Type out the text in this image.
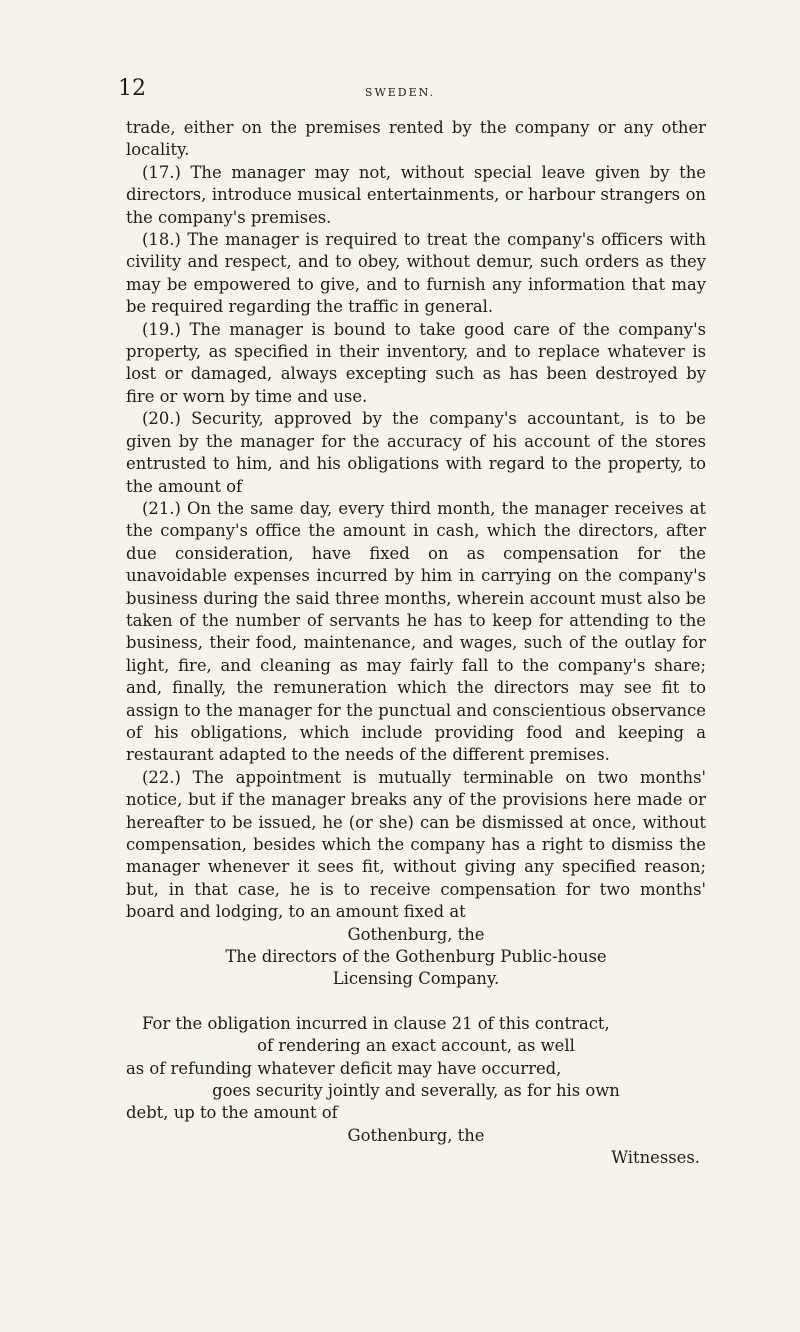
12	SWEDEN.

trade, either on the premises rented by the company or any other locality.

(17.) The manager may not, without special leave given by the directors, introduce musical entertainments, or harbour strangers on the company's premises.

(18.) The manager is required to treat the company's officers with civility and respect, and to obey, without demur, such orders as they may be empowered to give, and to furnish any information that may be required regarding the traffic in general.

(19.) The manager is bound to take good care of the company's property, as specified in their inventory, and to replace whatever is lost or damaged, always excepting such as has been destroyed by fire or worn by time and use.

(20.) Security, approved by the company's accountant, is to be given by the manager for the accuracy of his account of the stores entrusted to him, and his obligations with regard to the property, to the amount of

(21.) On the same day, every third month, the manager receives at the company's office the amount in cash, which the directors, after due consideration, have fixed on as compensation for the unavoidable expenses incurred by him in carrying on the company's business during the said three months, wherein account must also be taken of the number of servants he has to keep for attending to the business, their food, maintenance, and wages, such of the outlay for light, fire, and cleaning as may fairly fall to the company's share; and, finally, the remuneration which the directors may see fit to assign to the manager for the punctual and conscientious observance of his obligations, which include providing food and keeping a restaurant adapted to the needs of the different premises.

(22.) The appointment is mutually terminable on two months' notice, but if the manager breaks any of the provisions here made or hereafter to be issued, he (or she) can be dismissed at once, without compensation, besides which the company has a right to dismiss the manager whenever it sees fit, without giving any specified reason; but, in that case, he is to receive compensation for two months' board and lodging, to an amount fixed at

Gothenburg, the

The directors of the Gothenburg Public-house

Licensing Company.

For the obligation incurred in clause 21 of this contract,

of rendering an exact account, as well

as of refunding whatever deficit may have occurred,

goes security jointly and severally, as for his own

debt, up to the amount of

Gothenburg, the

Witnesses.
